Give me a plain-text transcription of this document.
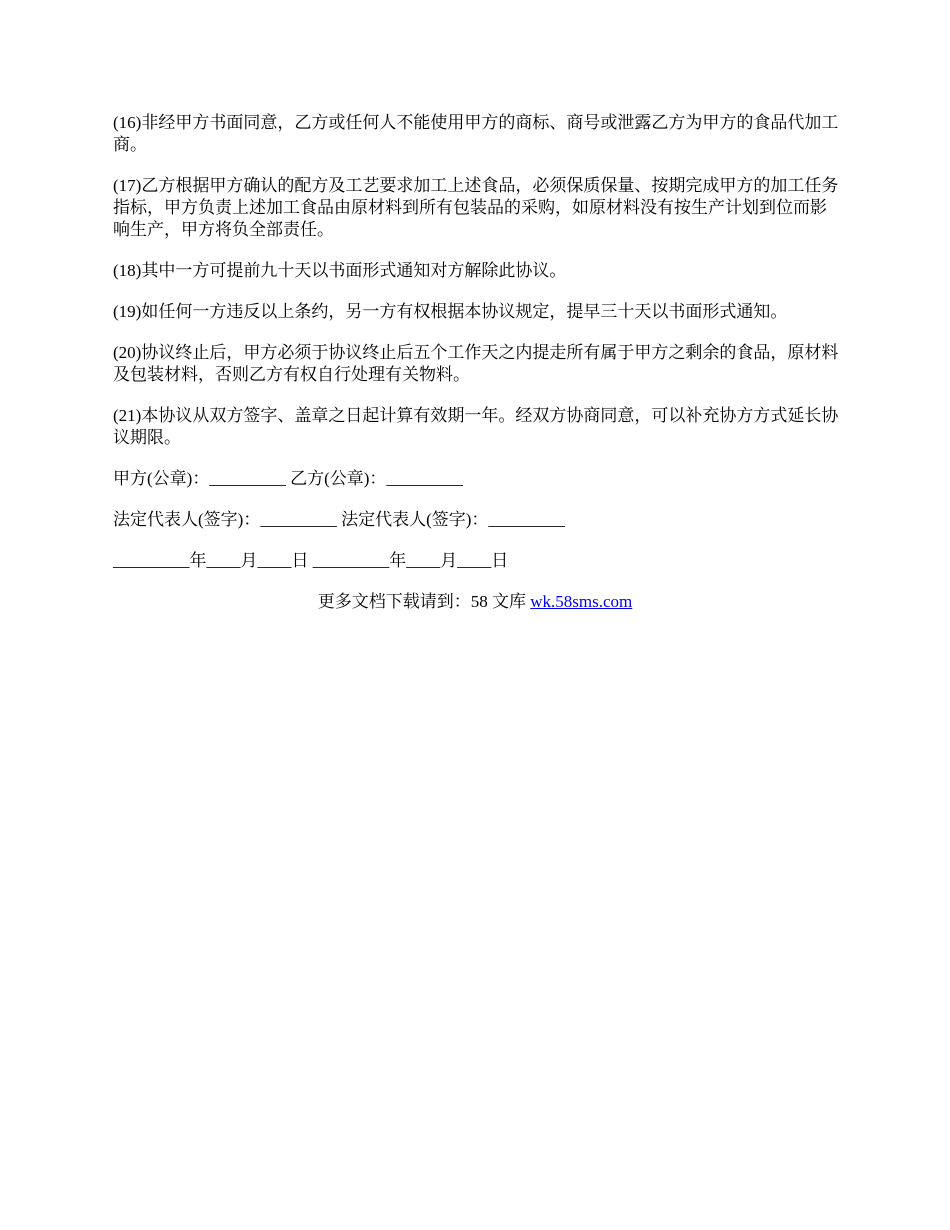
(16)非经甲方书面同意，乙方或任何人不能使用甲方的商标、商号或泄露乙方为甲方的食品代加工商。

(17)乙方根据甲方确认的配方及工艺要求加工上述食品，必须保质保量、按期完成甲方的加工任务指标，甲方负责上述加工食品由原材料到所有包装品的采购，如原材料没有按生产计划到位而影响生产，甲方将负全部责任。

(18)其中一方可提前九十天以书面形式通知对方解除此协议。

(19)如任何一方违反以上条约，另一方有权根据本协议规定，提早三十天以书面形式通知。

(20)协议终止后，甲方必须于协议终止后五个工作天之内提走所有属于甲方之剩余的食品，原材料及包装材料，否则乙方有权自行处理有关物料。

(21)本协议从双方签字、盖章之日起计算有效期一年。经双方协商同意，可以补充协方方式延长协议期限。

甲方(公章)：_________ 乙方(公章)：_________

法定代表人(签字)：_________ 法定代表人(签字)：_________

_________年____月____日 _________年____月____日

更多文档下载请到：58 文库 wk.58sms.com
